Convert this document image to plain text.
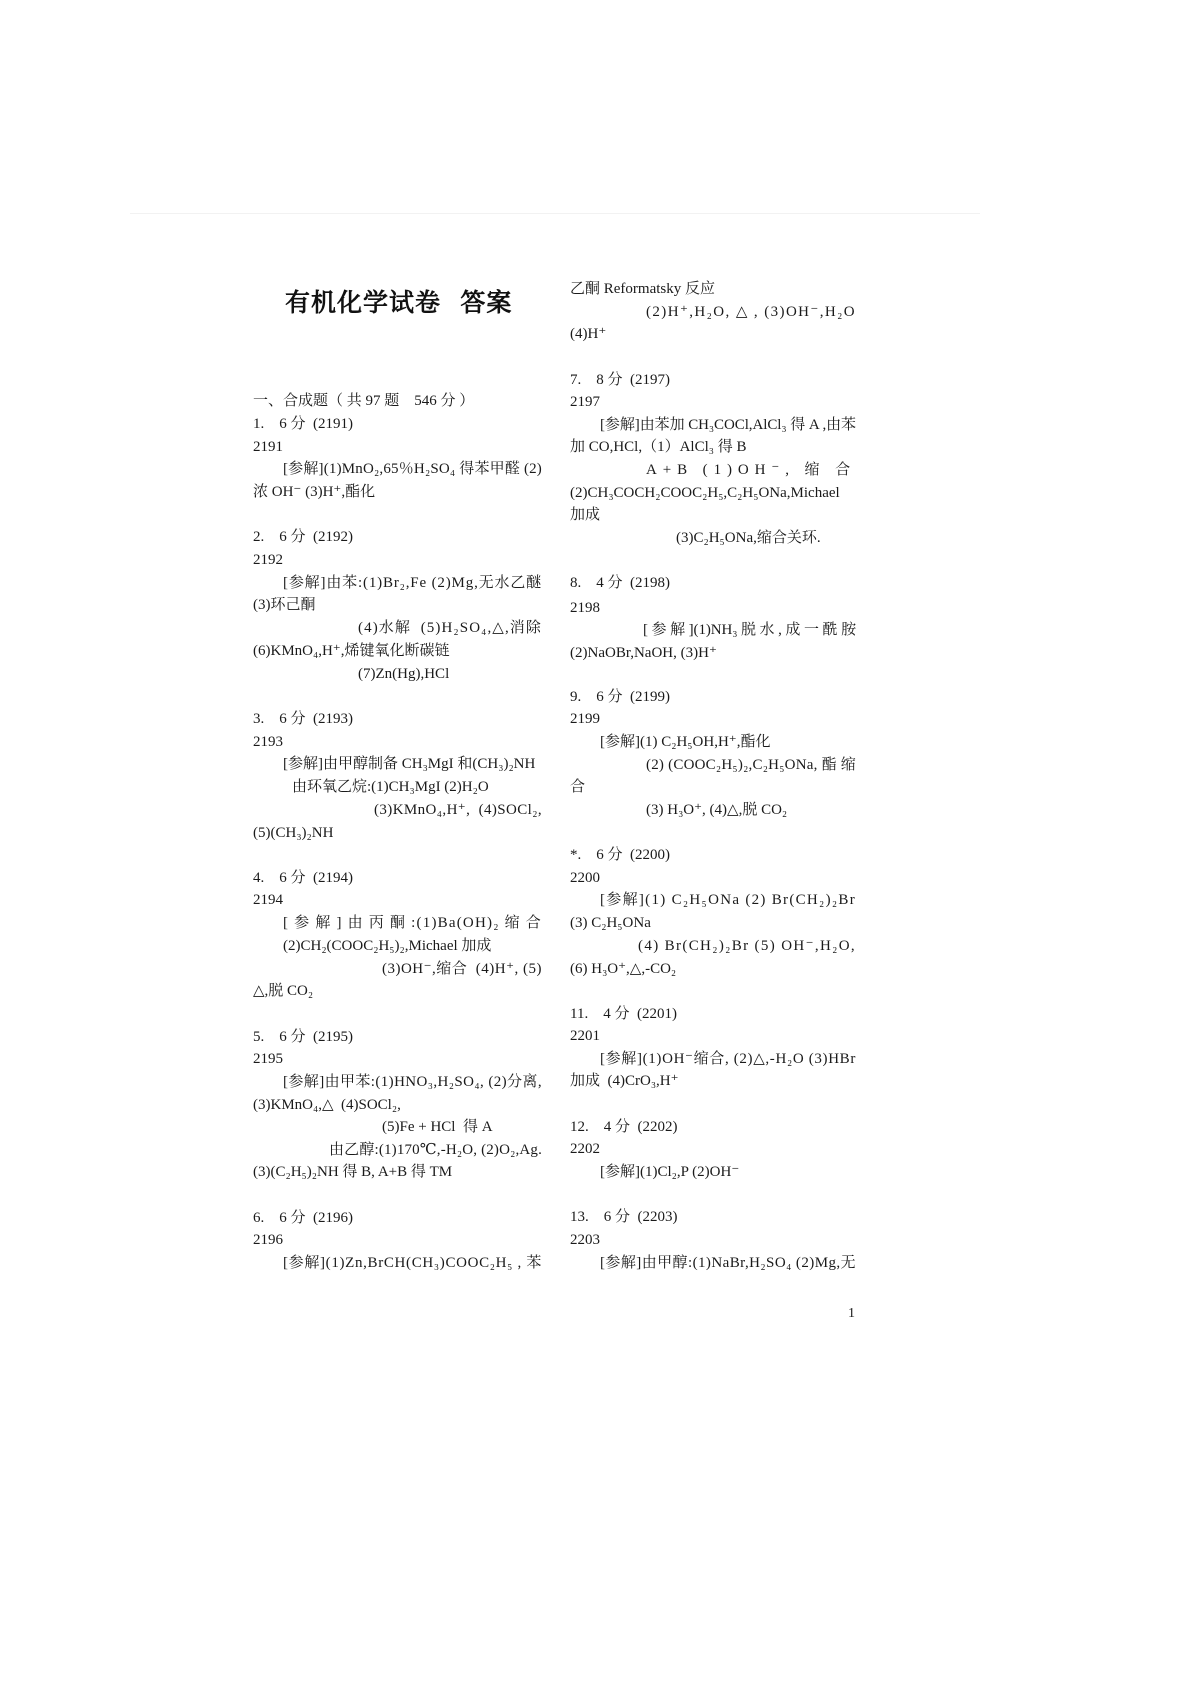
有机化学试卷  答案
一、合成题（ 共 97 题　546 分 ）
1.　6 分  (2191)
2191
[参解](1)MnO₂,65％H₂SO₄ 得苯甲醛 (2)
浓 OH⁻ (3)H⁺,酯化
2.　6 分  (2192)
2192
[参解]由苯:(1)Br₂,Fe (2)Mg,无水乙醚
(3)环己酮
(4)水解  (5)H₂SO₄,△,消除
(6)KMnO₄,H⁺,烯键氧化断碳链
(7)Zn(Hg),HCl
3.　6 分  (2193)
2193
[参解]由甲醇制备 CH₃MgI 和(CH₃)₂NH
由环氧乙烷:(1)CH₃MgI (2)H₂O
(3)KMnO₄,H⁺,  (4)SOCl₂,
(5)(CH₃)₂NH
4.　6 分  (2194)
2194
[ 参 解 ] 由 丙 酮 :(1)Ba(OH)₂ 缩 合
(2)CH₂(COOC₂H₅)₂,Michael 加成
(3)OH⁻,缩合  (4)H⁺, (5)
△,脱 CO₂
5.　6 分  (2195)
2195
[参解]由甲苯:(1)HNO₃,H₂SO₄, (2)分离,
(3)KMnO₄,△  (4)SOCl₂,
(5)Fe + HCl  得 A
由乙醇:(1)170℃,-H₂O, (2)O₂,Ag.
(3)(C₂H₅)₂NH 得 B, A+B 得 TM
6.　6 分  (2196)
2196
[参解](1)Zn,BrCH(CH₃)COOC₂H₅ , 苯
乙酮 Reformatsky 反应
(2)H⁺,H₂O, △ , (3)OH⁻,H₂O
(4)H⁺
7.　8 分  (2197)
2197
[参解]由苯加 CH₃COCl,AlCl₃ 得 A ,由苯
加 CO,HCl,（1）AlCl₃ 得 B
A+B (1)OH⁻, 缩 合
(2)CH₃COCH₂COOC₂H₅,C₂H₅ONa,Michael
加成
(3)C₂H₅ONa,缩合关环.
8.　4 分  (2198)
2198
[ 参 解 ](1)NH₃ 脱 水 , 成 一 酰 胺
(2)NaOBr,NaOH, (3)H⁺
9.　6 分  (2199)
2199
[参解](1) C₂H₅OH,H⁺,酯化
(2) (COOC₂H₅)₂,C₂H₅ONa, 酯 缩
合
(3) H₃O⁺, (4)△,脱 CO₂
*.　6 分  (2200)
2200
[参解](1) C₂H₅ONa (2) Br(CH₂)₂Br
(3) C₂H₅ONa
(4) Br(CH₂)₂Br (5) OH⁻,H₂O,
(6) H₃O⁺,△,-CO₂
11.　4 分  (2201)
2201
[参解](1)OH⁻缩合, (2)△,-H₂O (3)HBr
加成  (4)CrO₃,H⁺
12.　4 分  (2202)
2202
[参解](1)Cl₂,P (2)OH⁻
13.　6 分  (2203)
2203
[参解]由甲醇:(1)NaBr,H₂SO₄ (2)Mg,无
1
